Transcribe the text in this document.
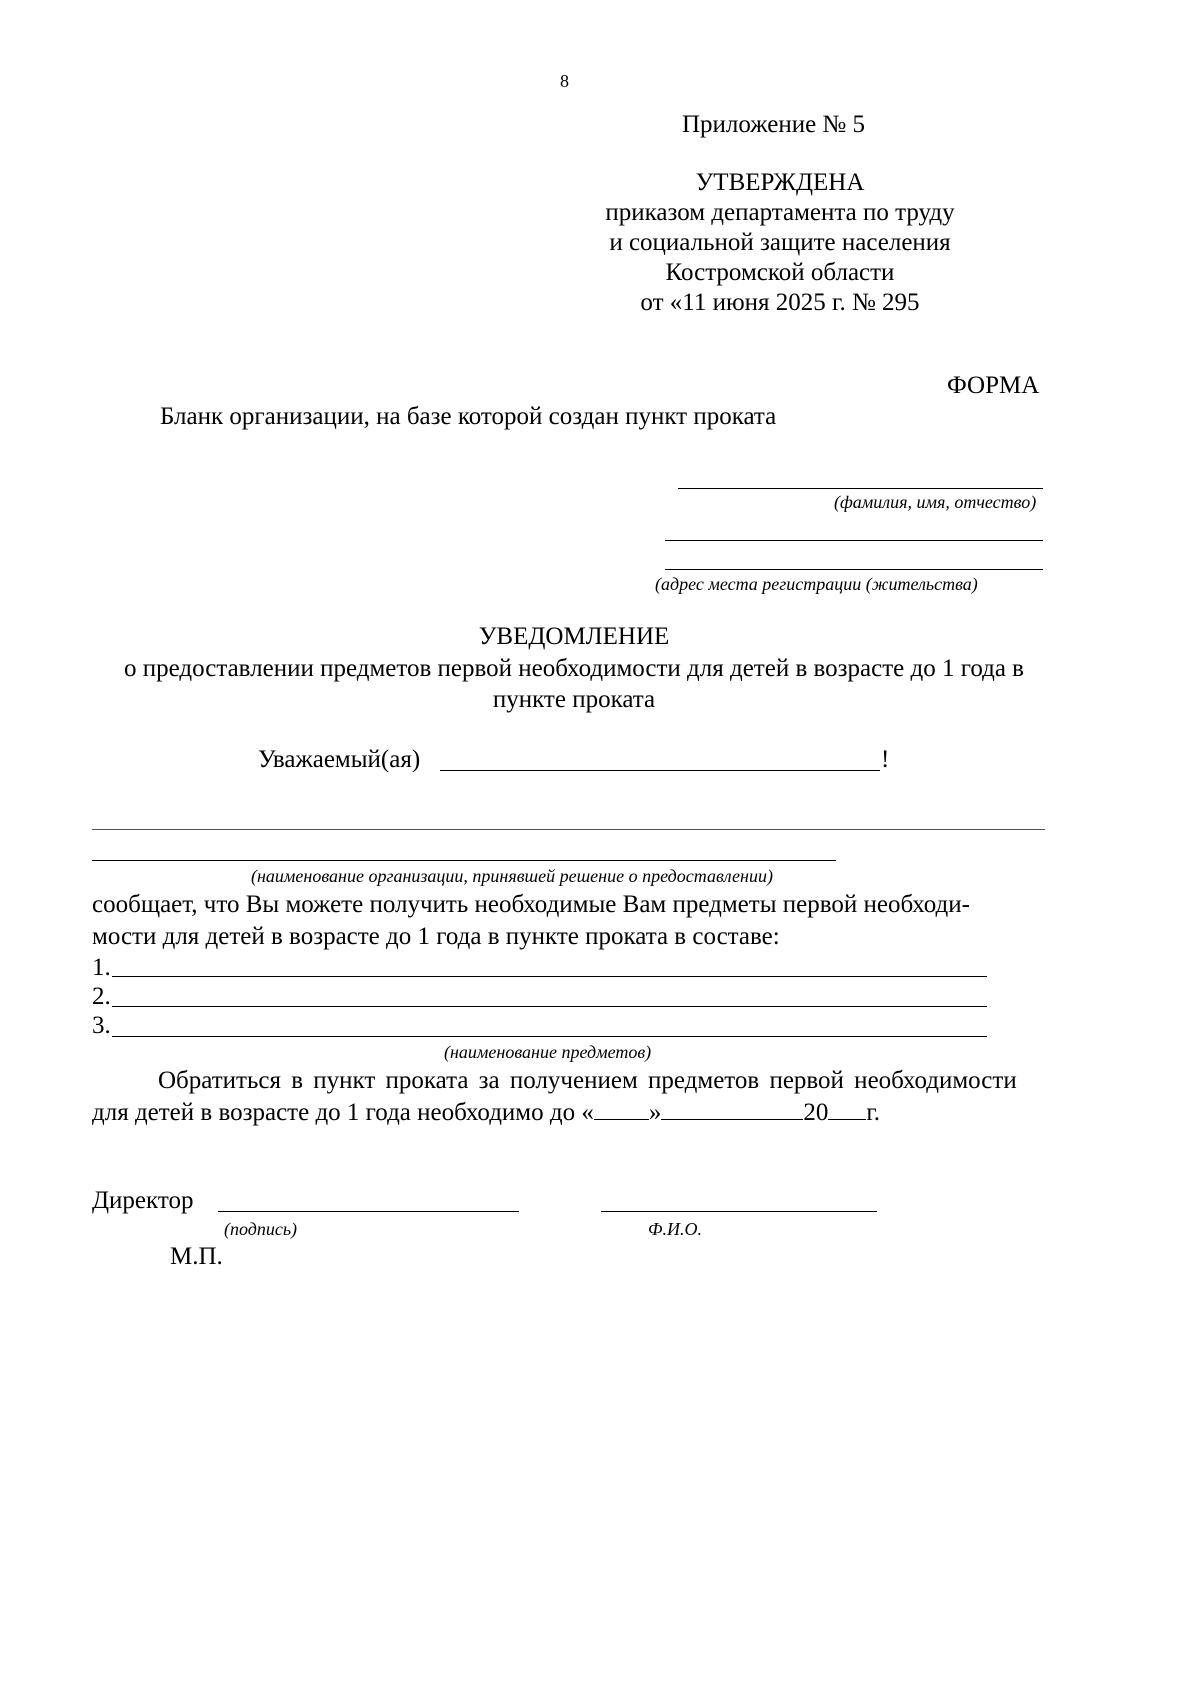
8
Приложение № 5
УТВЕРЖДЕНА
приказом департамента по труду
и социальной защите населения
Костромской области
от «11 июня 2025 г. № 295
ФОРМА
Бланк организации, на базе которой создан пункт проката
(фамилия, имя, отчество)
(адрес места регистрации (жительства)
УВЕДОМЛЕНИЕ
о предоставлении предметов первой необходимости для детей в возрасте до 1 года в
пункте проката
Уважаемый(ая)	!
(наименование организации, принявшей решение о предоставлении)
сообщает, что Вы можете получить необходимые Вам предметы первой необходи-
мости для детей в возрасте до 1 года в пункте проката в составе:
1.
2.
3.
(наименование предметов)
Обратиться в пункт проката за получением предметов первой необходимости
для детей в возрасте до 1 года необходимо до « »	20 г.
Директор
(подпись)	Ф.И.О.
М.П.
